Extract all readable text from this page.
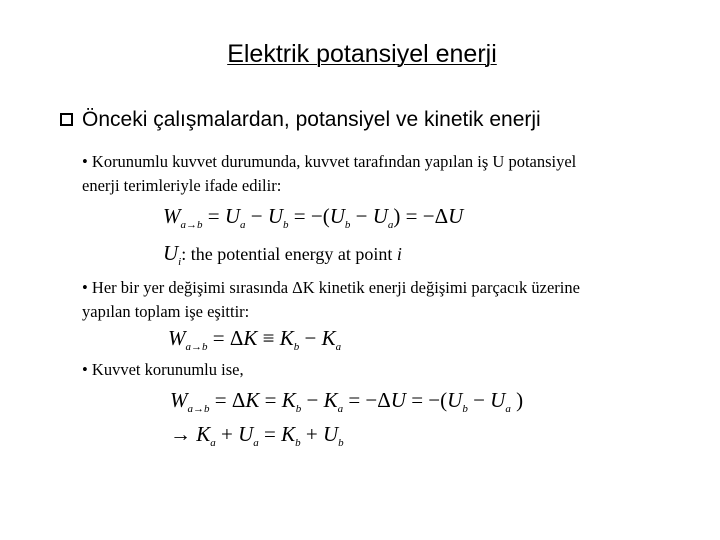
Elektrik potansiyel enerji
Önceki çalışmalardan, potansiyel ve kinetik enerji
• Korunumlu kuvvet durumunda, kuvvet tarafından yapılan iş U potansiyel
enerji terimleriyle ifade edilir:
$W_{a\to b} = U_a - U_b = -(U_b - U_a) = -\Delta U$
$U_i$: the potential energy at point i
• Her bir yer değişimi sırasında ΔK kinetik enerji değişimi parçacık üzerine
yapılan toplam işe eşittir:
$W_{a\to b} = \Delta K \equiv K_b - K_a$
• Kuvvet korunumlu ise,
$W_{a\to b} = \Delta K = K_b - K_a = -\Delta U = -(U_b - U_a$ )
→ $K_a + U_a = K_b + U_b$
